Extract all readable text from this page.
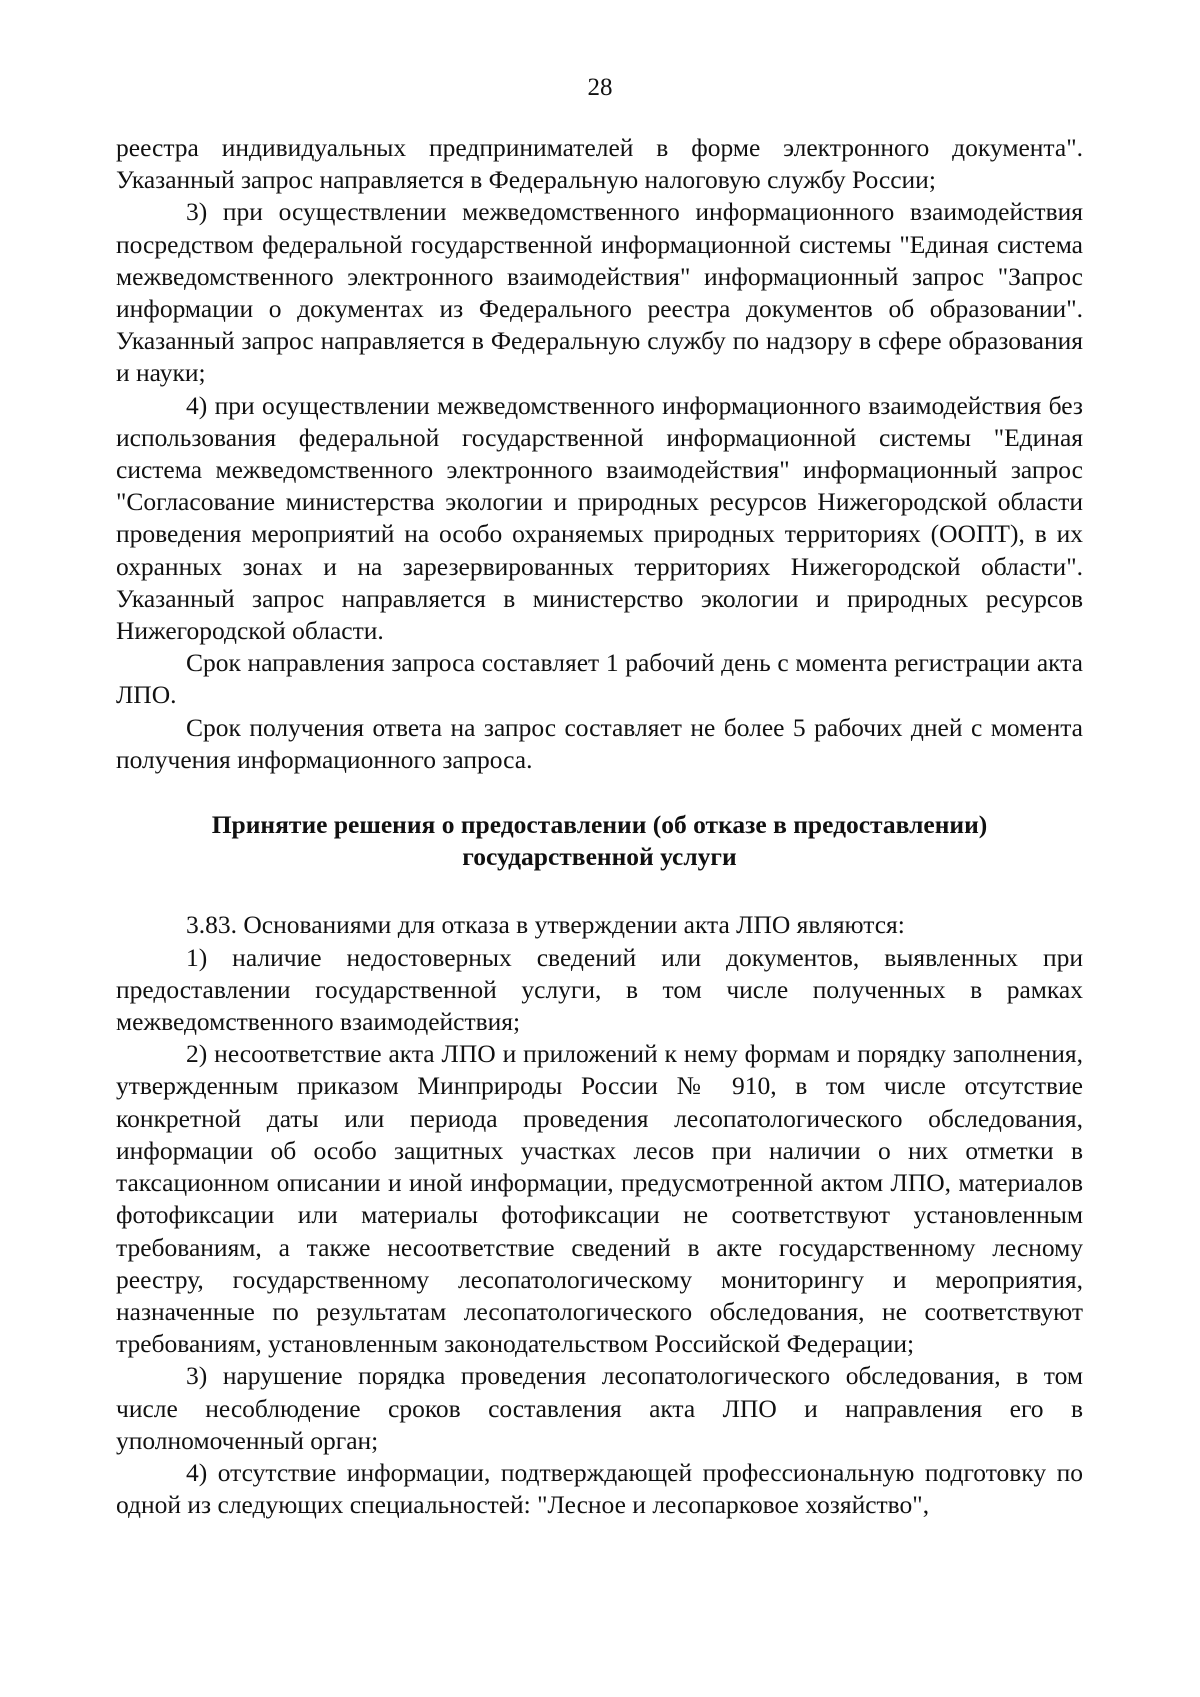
28

реестра индивидуальных предпринимателей в форме электронного документа". Указанный запрос направляется в Федеральную налоговую службу России;

3) при осуществлении межведомственного информационного взаимодействия посредством федеральной государственной информационной системы "Единая система межведомственного электронного взаимодействия" информационный запрос "Запрос информации о документах из Федерального реестра документов об образовании". Указанный запрос направляется в Федеральную службу по надзору в сфере образования и науки;

4) при осуществлении межведомственного информационного взаимодействия без использования федеральной государственной информационной системы "Единая система межведомственного электронного взаимодействия" информационный запрос "Согласование министерства экологии и природных ресурсов Нижегородской области проведения мероприятий на особо охраняемых природных территориях (ООПТ), в их охранных зонах и на зарезервированных территориях Нижегородской области". Указанный запрос направляется в министерство экологии и природных ресурсов Нижегородской области.

Срок направления запроса составляет 1 рабочий день с момента регистрации акта ЛПО.

Срок получения ответа на запрос составляет не более 5 рабочих дней с момента получения информационного запроса.

Принятие решения о предоставлении (об отказе в предоставлении)
государственной услуги

3.83. Основаниями для отказа в утверждении акта ЛПО являются:

1) наличие недостоверных сведений или документов, выявленных при предоставлении государственной услуги, в том числе полученных в рамках межведомственного взаимодействия;

2) несоответствие акта ЛПО и приложений к нему формам и порядку заполнения, утвержденным приказом Минприроды России № 910, в том числе отсутствие конкретной даты или периода проведения лесопатологического обследования, информации об особо защитных участках лесов при наличии о них отметки в таксационном описании и иной информации, предусмотренной актом ЛПО, материалов фотофиксации или материалы фотофиксации не соответствуют установленным требованиям, а также несоответствие сведений в акте государственному лесному реестру, государственному лесопатологическому мониторингу и мероприятия, назначенные по результатам лесопатологического обследования, не соответствуют требованиям, установленным законодательством Российской Федерации;

3) нарушение порядка проведения лесопатологического обследования, в том числе несоблюдение сроков составления акта ЛПО и направления его в уполномоченный орган;

4) отсутствие информации, подтверждающей профессиональную подготовку по одной из следующих специальностей: "Лесное и лесопарковое хозяйство",
